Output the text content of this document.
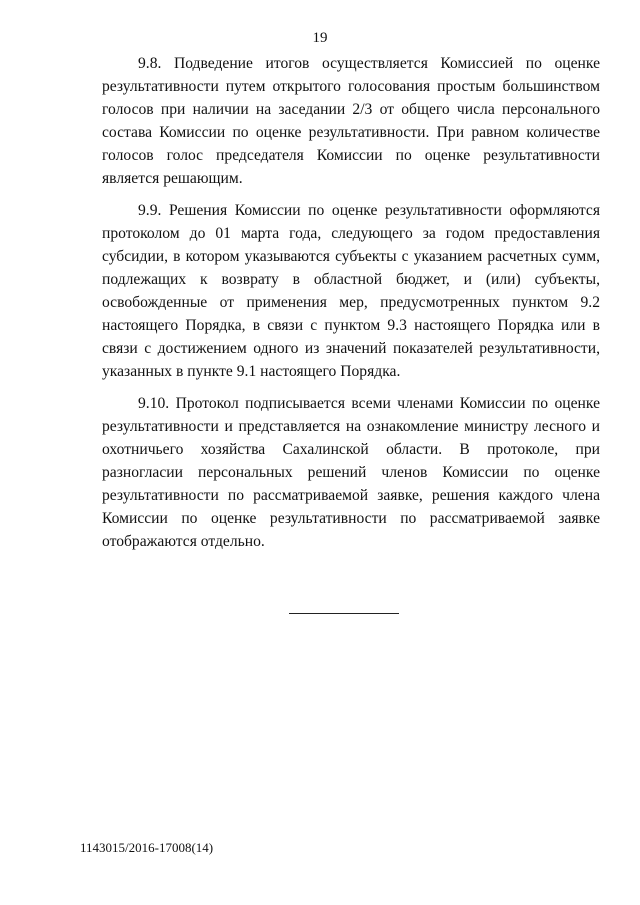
19

9.8. Подведение итогов осуществляется Комиссией по оценке результативности путем открытого голосования простым большинством голосов при наличии на заседании 2/3 от общего числа персонального состава Комиссии по оценке результативности. При равном количестве голосов голос председателя Комиссии по оценке результативности является решающим.

9.9. Решения Комиссии по оценке результативности оформляются протоколом до 01 марта года, следующего за годом предоставления субсидии, в котором указываются субъекты с указанием расчетных сумм, подлежащих к возврату в областной бюджет, и (или) субъекты, освобожденные от применения мер, предусмотренных пунктом 9.2 настоящего Порядка, в связи с пунктом 9.3 настоящего Порядка или в связи с достижением одного из значений показателей результативности, указанных в пункте 9.1 настоящего Порядка.

9.10. Протокол подписывается всеми членами Комиссии по оценке результативности и представляется на ознакомление министру лесного и охотничьего хозяйства Сахалинской области. В протоколе, при разногласии персональных решений членов Комиссии по оценке результативности по рассматриваемой заявке, решения каждого члена Комиссии по оценке результативности по рассматриваемой заявке отображаются отдельно.

1143015/2016-17008(14)
